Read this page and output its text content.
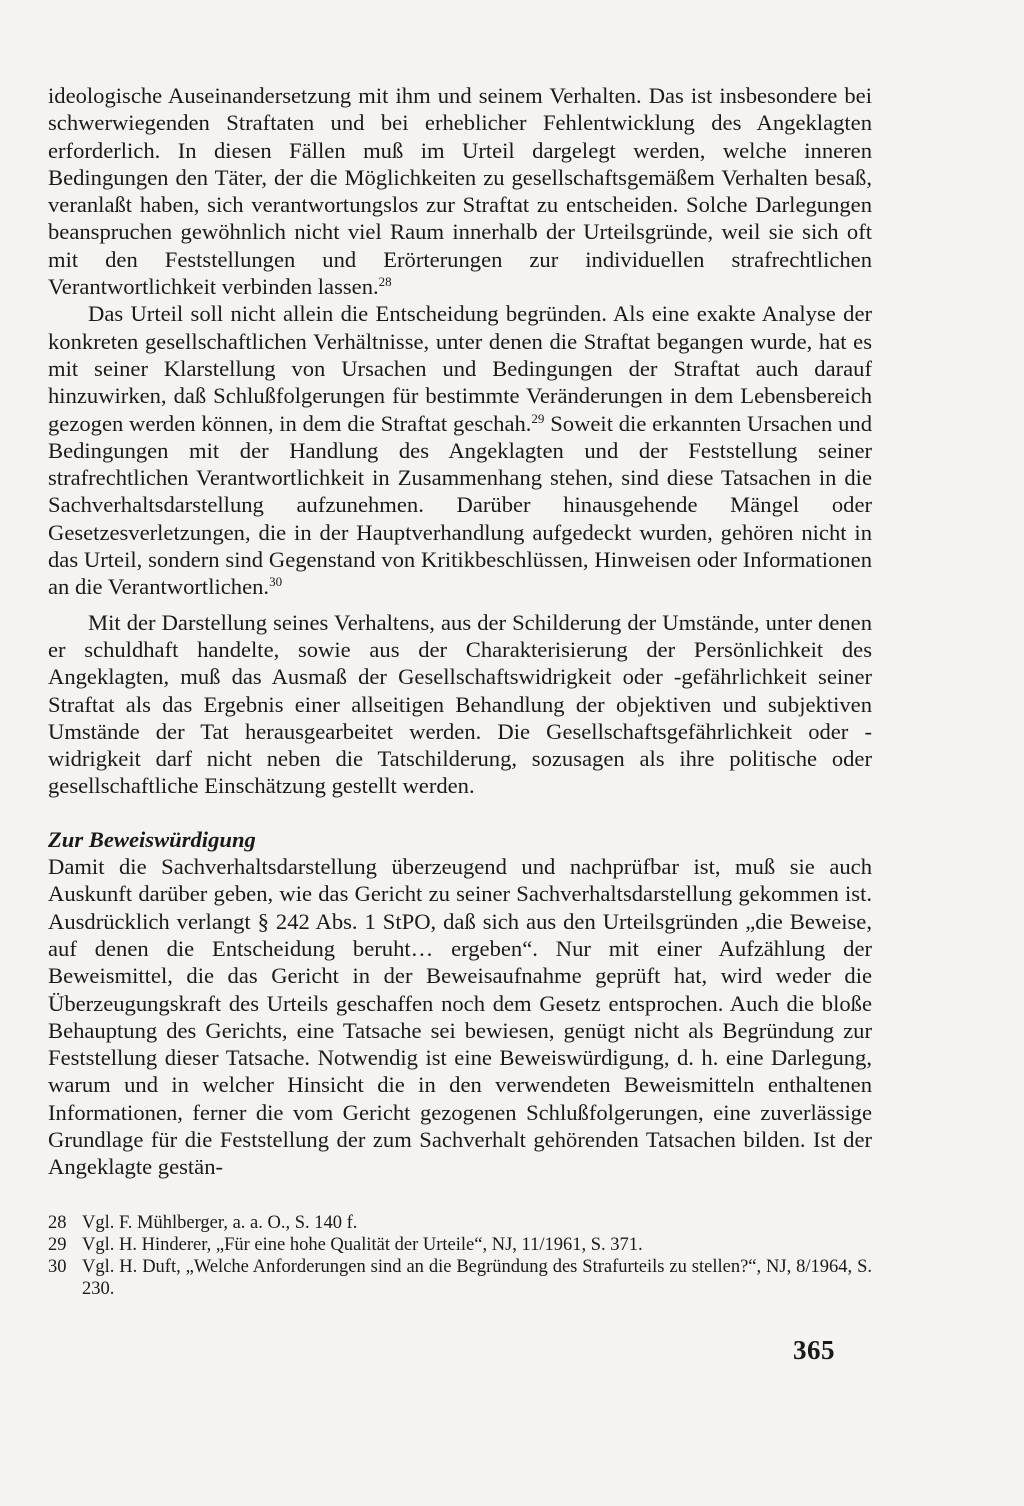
ideologische Auseinandersetzung mit ihm und seinem Verhalten. Das ist insbesondere bei schwerwiegenden Straftaten und bei erheblicher Fehlentwicklung des Angeklagten erforderlich. In diesen Fällen muß im Urteil dargelegt werden, welche inneren Bedingungen den Täter, der die Möglichkeiten zu gesellschaftsgemäßem Verhalten besaß, veranlaßt haben, sich verantwortungslos zur Straftat zu entscheiden. Solche Darlegungen beanspruchen gewöhnlich nicht viel Raum innerhalb der Urteilsgründe, weil sie sich oft mit den Feststellungen und Erörterungen zur individuellen strafrechtlichen Verantwortlichkeit verbinden lassen.$^{28}$

Das Urteil soll nicht allein die Entscheidung begründen. Als eine exakte Analyse der konkreten gesellschaftlichen Verhältnisse, unter denen die Straftat begangen wurde, hat es mit seiner Klarstellung von Ursachen und Bedingungen der Straftat auch darauf hinzuwirken, daß Schlußfolgerungen für bestimmte Veränderungen in dem Lebensbereich gezogen werden können, in dem die Straftat geschah.$^{29}$ Soweit die erkannten Ursachen und Bedingungen mit der Handlung des Angeklagten und der Feststellung seiner strafrechtlichen Verantwortlichkeit in Zusammenhang stehen, sind diese Tatsachen in die Sachverhaltsdarstellung aufzunehmen. Darüber hinausgehende Mängel oder Gesetzesverletzungen, die in der Hauptverhandlung aufgedeckt wurden, gehören nicht in das Urteil, sondern sind Gegenstand von Kritikbeschlüssen, Hinweisen oder Informationen an die Verantwortlichen.$^{30}$

Mit der Darstellung seines Verhaltens, aus der Schilderung der Umstände, unter denen er schuldhaft handelte, sowie aus der Charakterisierung der Persönlichkeit des Angeklagten, muß das Ausmaß der Gesellschaftswidrigkeit oder -gefährlichkeit seiner Straftat als das Ergebnis einer allseitigen Behandlung der objektiven und subjektiven Umstände der Tat herausgearbeitet werden. Die Gesellschaftsgefährlichkeit oder -widrigkeit darf nicht neben die Tatschilderung, sozusagen als ihre politische oder gesellschaftliche Einschätzung gestellt werden.

Zur Beweiswürdigung

Damit die Sachverhaltsdarstellung überzeugend und nachprüfbar ist, muß sie auch Auskunft darüber geben, wie das Gericht zu seiner Sachverhaltsdarstellung gekommen ist. Ausdrücklich verlangt § 242 Abs. 1 StPO, daß sich aus den Urteilsgründen „die Beweise, auf denen die Entscheidung beruht… ergeben“. Nur mit einer Aufzählung der Beweismittel, die das Gericht in der Beweisaufnahme geprüft hat, wird weder die Überzeugungskraft des Urteils geschaffen noch dem Gesetz entsprochen. Auch die bloße Behauptung des Gerichts, eine Tatsache sei bewiesen, genügt nicht als Begründung zur Feststellung dieser Tatsache. Notwendig ist eine Beweiswürdigung, d. h. eine Darlegung, warum und in welcher Hinsicht die in den verwendeten Beweismitteln enthaltenen Informationen, ferner die vom Gericht gezogenen Schlußfolgerungen, eine zuverlässige Grundlage für die Feststellung der zum Sachverhalt gehörenden Tatsachen bilden. Ist der Angeklagte gestän-

28 Vgl. F. Mühlberger, a. a. O., S. 140 f.
29 Vgl. H. Hinderer, „Für eine hohe Qualität der Urteile“, NJ, 11/1961, S. 371.
30 Vgl. H. Duft, „Welche Anforderungen sind an die Begründung des Strafurteils zu stellen?“, NJ, 8/1964, S. 230.
365
